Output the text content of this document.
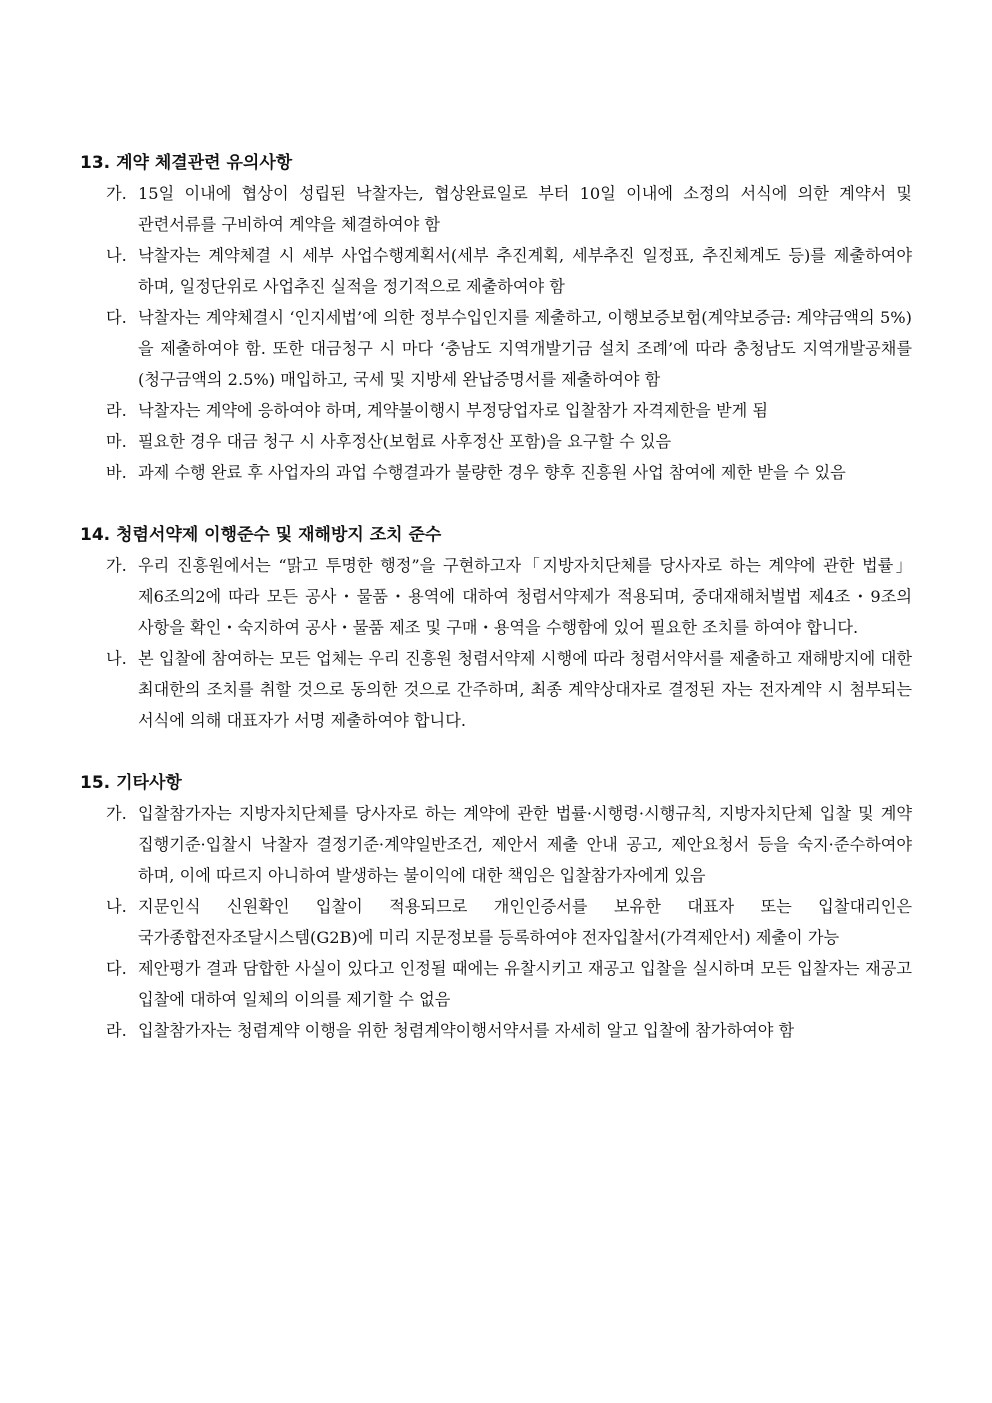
13. 계약 체결관련 유의사항
가. 15일 이내에 협상이 성립된 낙찰자는, 협상완료일로 부터 10일 이내에 소정의 서식에 의한 계약서 및 관련서류를 구비하여 계약을 체결하여야 함
나. 낙찰자는 계약체결 시 세부 사업수행계획서(세부 추진계획, 세부추진 일정표, 추진체계도 등)를 제출하여야 하며, 일정단위로 사업추진 실적을 정기적으로 제출하여야 함
다. 낙찰자는 계약체결시 ‘인지세법’에 의한 정부수입인지를 제출하고, 이행보증보험(계약보증금: 계약금액의 5%)을 제출하여야 함. 또한 대금청구 시 마다 ‘충남도 지역개발기금 설치 조례’에 따라 충청남도 지역개발공채를(청구금액의 2.5%) 매입하고, 국세 및 지방세 완납증명서를 제출하여야 함
라. 낙찰자는 계약에 응하여야 하며, 계약불이행시 부정당업자로 입찰참가 자격제한을 받게 됨
마. 필요한 경우 대금 청구 시 사후정산(보험료 사후정산 포함)을 요구할 수 있음
바. 과제 수행 완료 후 사업자의 과업 수행결과가 불량한 경우 향후 진흥원 사업 참여에 제한 받을 수 있음
14. 청렴서약제 이행준수 및 재해방지 조치 준수
가. 우리 진흥원에서는 “맑고 투명한 행정”을 구현하고자「지방자치단체를 당사자로 하는 계약에 관한 법률」 제6조의2에 따라 모든 공사・물품・용역에 대하여 청렴서약제가 적용되며, 중대재해처벌법 제4조・9조의 사항을 확인・숙지하여 공사・물품 제조 및 구매・용역을 수행함에 있어 필요한 조치를 하여야 합니다.
나. 본 입찰에 참여하는 모든 업체는 우리 진흥원 청렴서약제 시행에 따라 청렴서약서를 제출하고 재해방지에 대한 최대한의 조치를 취할 것으로 동의한 것으로 간주하며, 최종 계약상대자로 결정된 자는 전자계약 시 첨부되는 서식에 의해 대표자가 서명 제출하여야 합니다.
15. 기타사항
가. 입찰참가자는 지방자치단체를 당사자로 하는 계약에 관한 법률·시행령·시행규칙, 지방자치단체 입찰 및 계약 집행기준·입찰시 낙찰자 결정기준·계약일반조건, 제안서 제출 안내 공고, 제안요청서 등을 숙지·준수하여야 하며, 이에 따르지 아니하여 발생하는 불이익에 대한 책임은 입찰참가자에게 있음
나. 지문인식 신원확인 입찰이 적용되므로 개인인증서를 보유한 대표자 또는 입찰대리인은 국가종합전자조달시스템(G2B)에 미리 지문정보를 등록하여야 전자입찰서(가격제안서) 제출이 가능
다. 제안평가 결과 담합한 사실이 있다고 인정될 때에는 유찰시키고 재공고 입찰을 실시하며 모든 입찰자는 재공고 입찰에 대하여 일체의 이의를 제기할 수 없음
라. 입찰참가자는 청렴계약 이행을 위한 청렴계약이행서약서를 자세히 알고 입찰에 참가하여야 함
